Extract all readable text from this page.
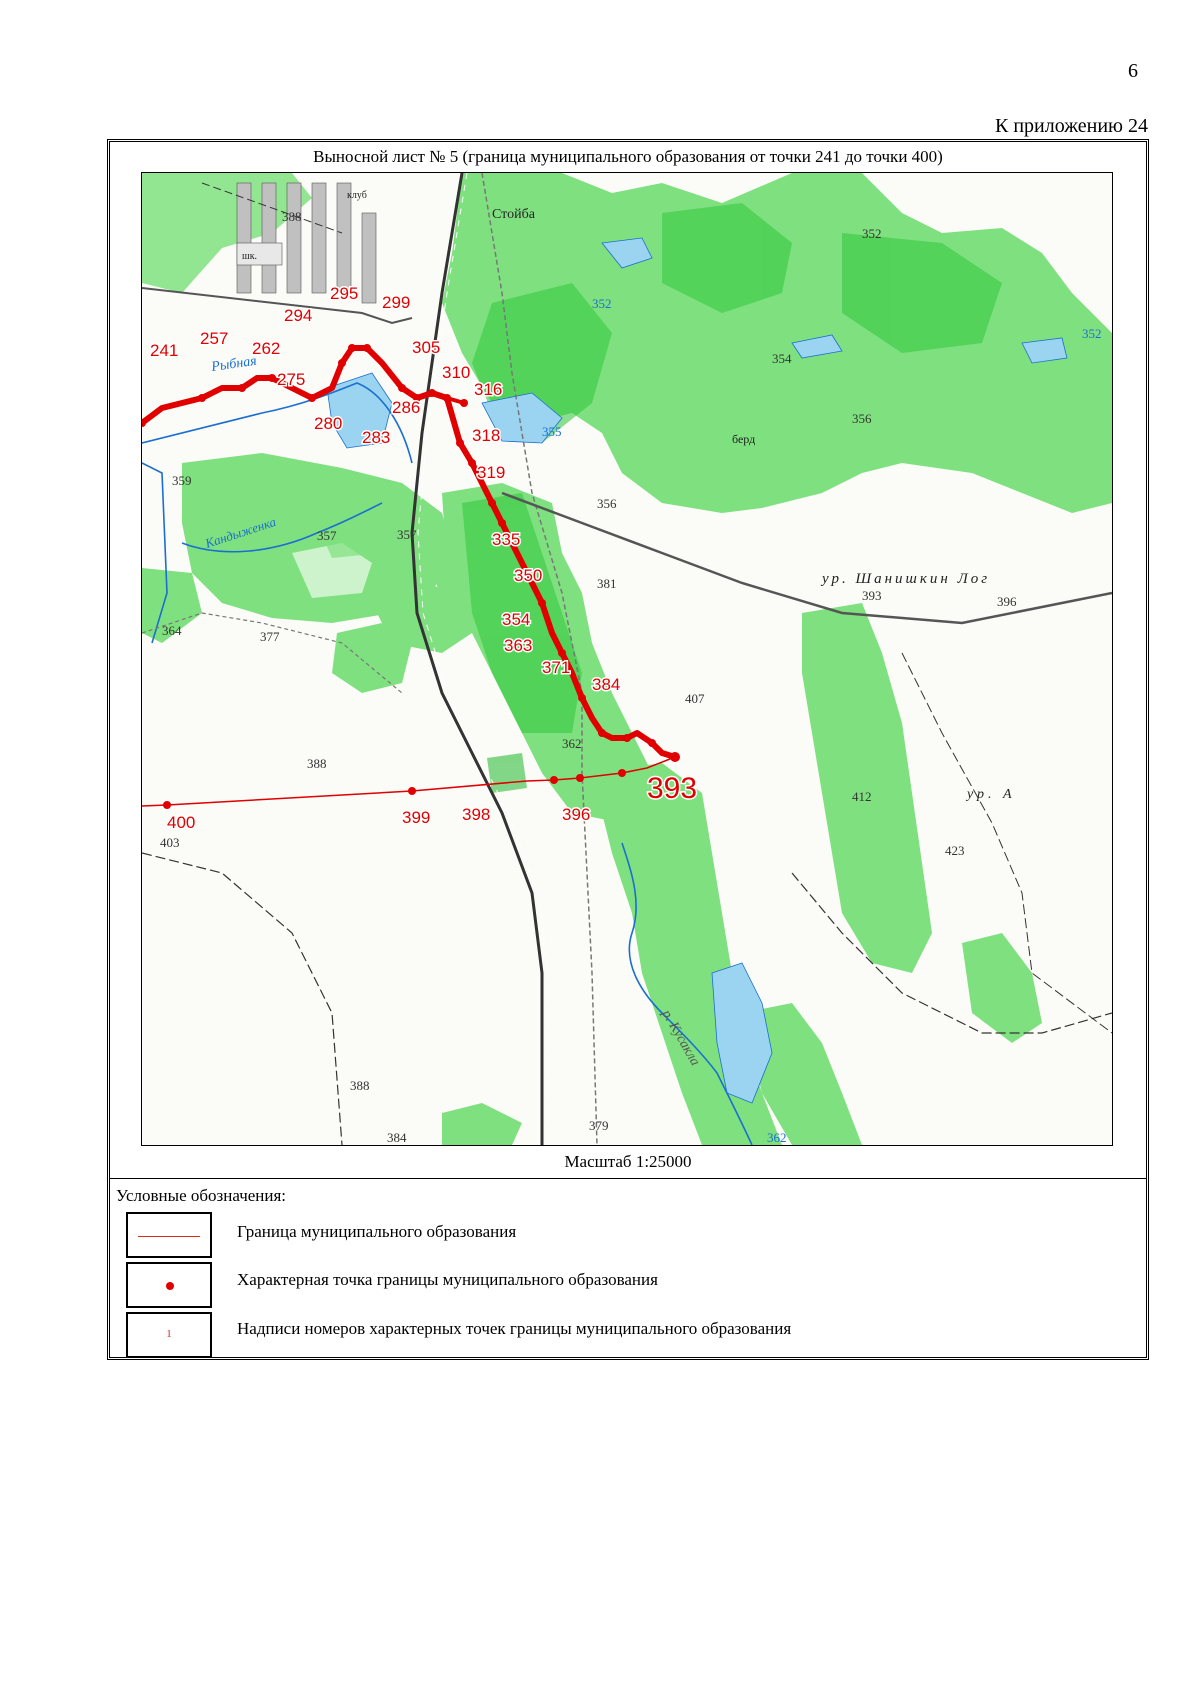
6
К приложению 24
Выносной лист № 5 (граница муниципального образования от точки 241 до точки 400)
241
257
262
275
280
283
286
294
295 299
305
310
316
318
319
335
350
354
363
371
384
393
396
398
399
400
Стойба
Рыбная
Кандыженка
ур. Шанишкин Лог
ур. А
берд
р. Кусакла
шк.
клуб
388
352
352
352
354
356
355
356
359
357	357
381
393	396
364	377
407
412
423
388
362
403
388
379
384	362
Масштаб 1:25000
Условные обозначения:
Граница муниципального образования
Характерная точка границы муниципального образования
1	Надписи номеров характерных точек границы муниципального образования
